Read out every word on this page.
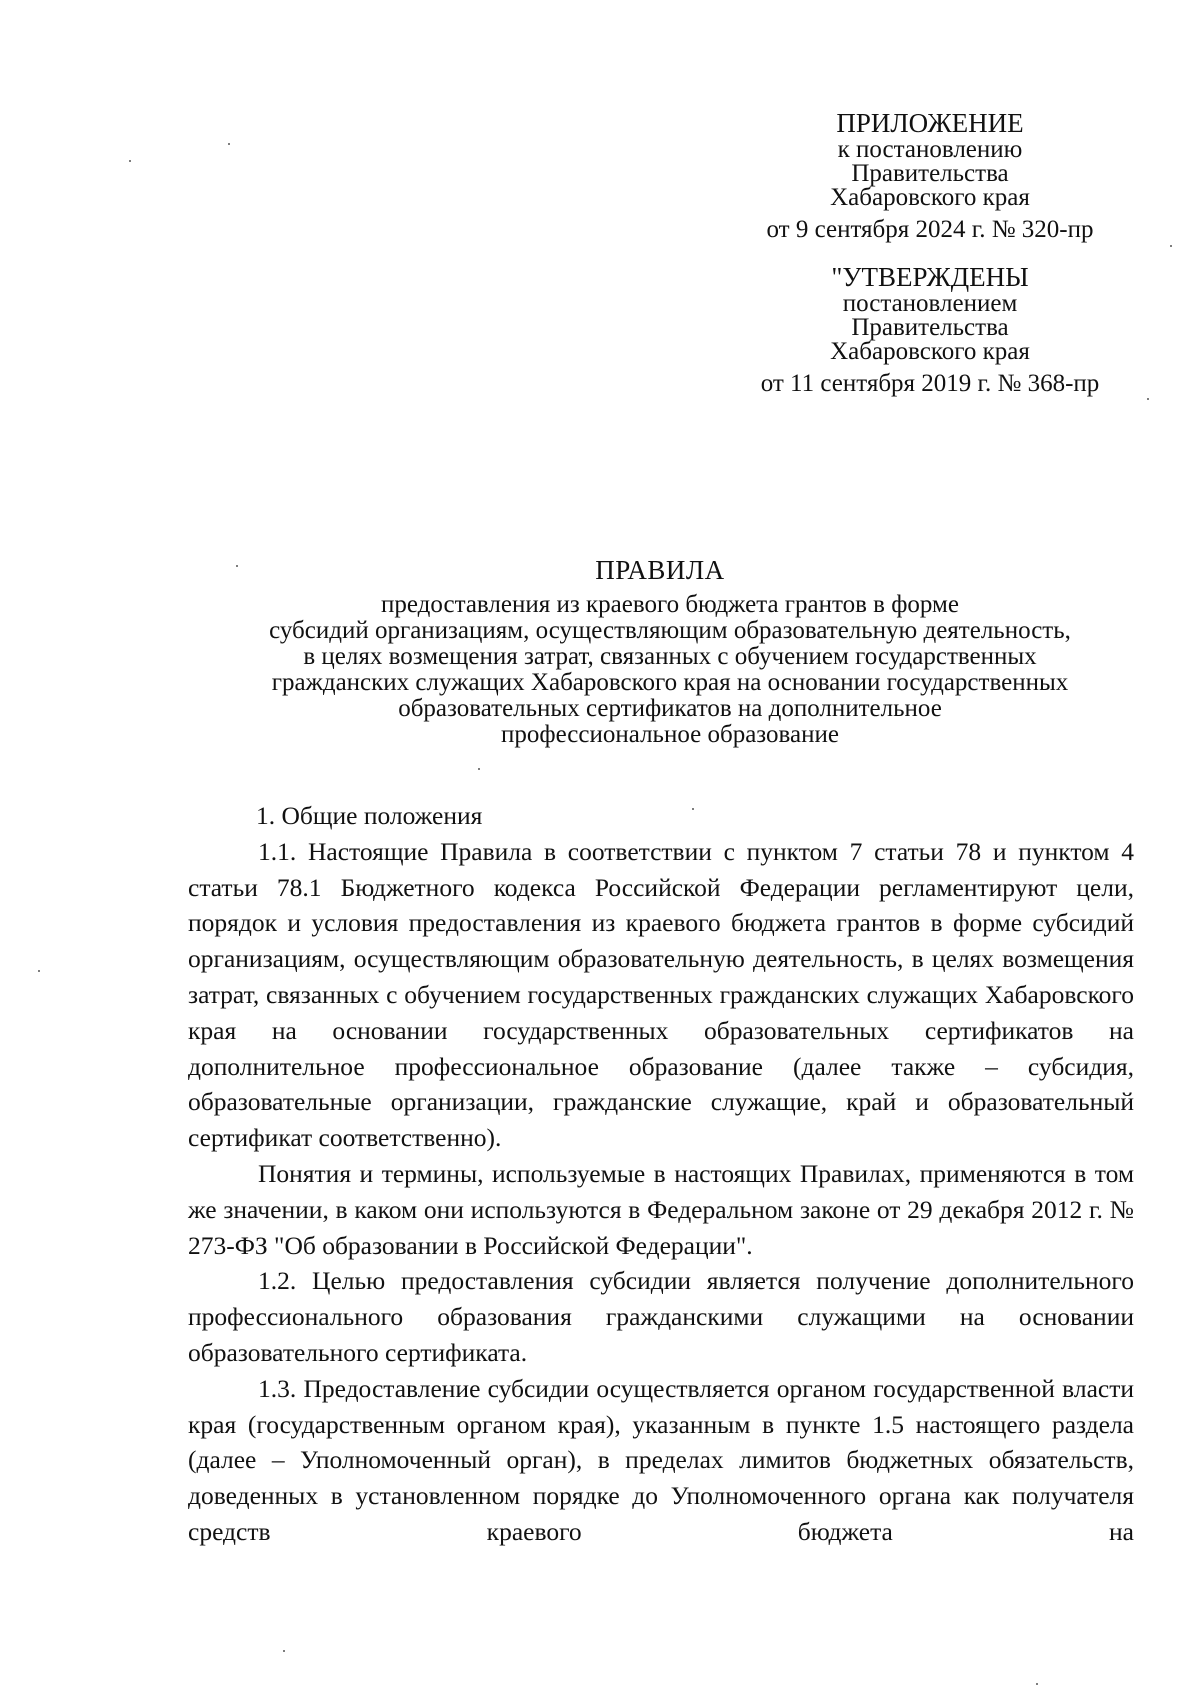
ПРИЛОЖЕНИЕ
к постановлению
Правительства
Хабаровского края
от 9 сентября 2024 г. № 320-пр
"УТВЕРЖДЕНЫ
постановлением
Правительства
Хабаровского края
от 11 сентября 2019 г. № 368-пр
ПРАВИЛА
предоставления из краевого бюджета грантов в форме
субсидий организациям, осуществляющим образовательную деятельность,
в целях возмещения затрат, связанных с обучением государственных
гражданских служащих Хабаровского края на основании государственных
образовательных сертификатов на дополнительное
профессиональное образование

1. Общие положения

1.1. Настоящие Правила в соответствии с пунктом 7 статьи 78 и пунктом 4 статьи 78.1 Бюджетного кодекса Российской Федерации регламентируют цели, порядок и условия предоставления из краевого бюджета грантов в форме субсидий организациям, осуществляющим образовательную деятельность, в целях возмещения затрат, связанных с обучением государственных гражданских служащих Хабаровского края на основании государственных образовательных сертификатов на дополнительное профессиональное образование (далее также – субсидия, образовательные организации, гражданские служащие, край и образовательный сертификат соответственно).

Понятия и термины, используемые в настоящих Правилах, применяются в том же значении, в каком они используются в Федеральном законе от 29 декабря 2012 г. № 273-ФЗ "Об образовании в Российской Федерации".

1.2. Целью предоставления субсидии является получение дополнительного профессионального образования гражданскими служащими на основании образовательного сертификата.

1.3. Предоставление субсидии осуществляется органом государственной власти края (государственным органом края), указанным в пункте 1.5 настоящего раздела (далее – Уполномоченный орган), в пределах лимитов бюджетных обязательств, доведенных в установленном порядке до Уполномоченного органа как получателя средств краевого бюджета на
